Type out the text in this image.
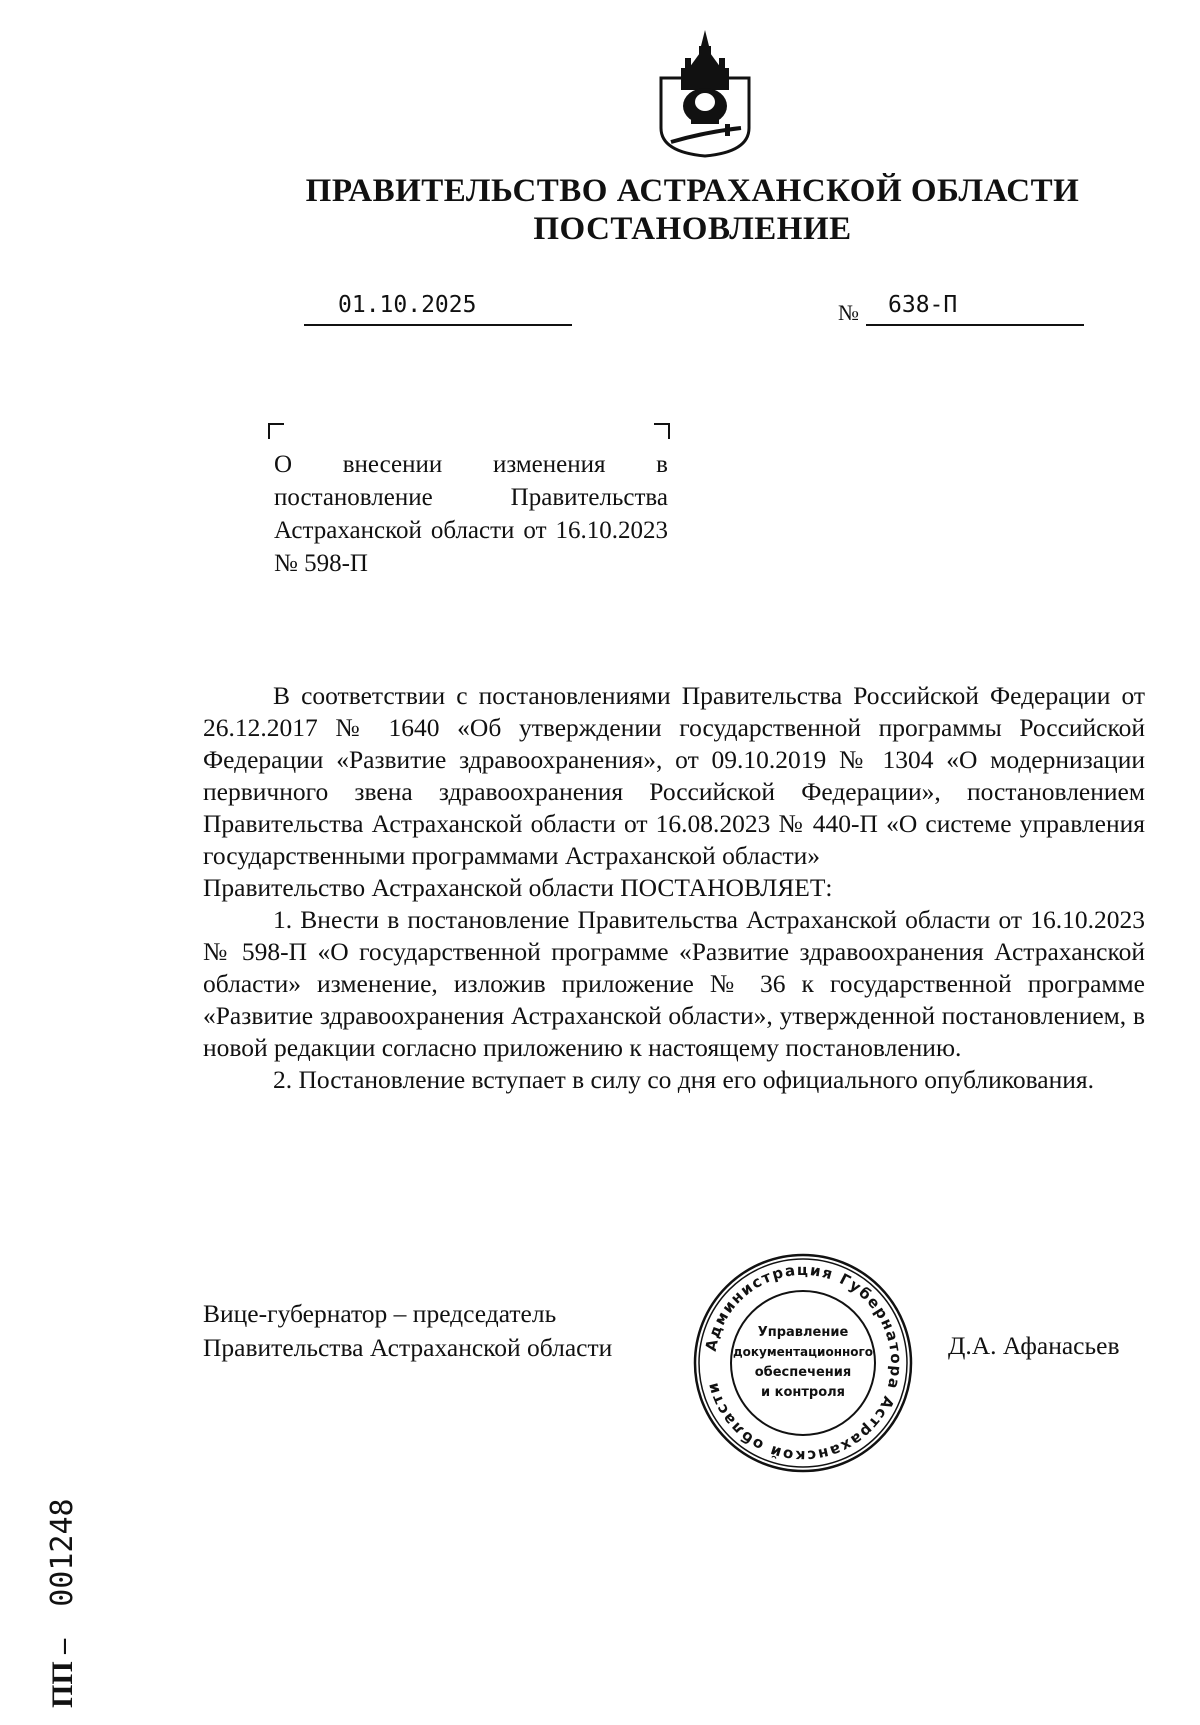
ПРАВИТЕЛЬСТВО АСТРАХАНСКОЙ ОБЛАСТИ
ПОСТАНОВЛЕНИЕ
01.10.2025	№ 638-П
О внесении изменения в постановление Правительства Астраханской области от 16.10.2023 № 598-П

В соответствии с постановлениями Правительства Российской Федерации от 26.12.2017 № 1640 «Об утверждении государственной программы Российской Федерации «Развитие здравоохранения», от 09.10.2019 № 1304 «О модернизации первичного звена здравоохранения Российской Федерации», постановлением Правительства Астраханской области от 16.08.2023 № 440-П «О системе управления государственными программами Астраханской области»

Правительство Астраханской области ПОСТАНОВЛЯЕТ:

1. Внести в постановление Правительства Астраханской области от 16.10.2023 № 598-П «О государственной программе «Развитие здравоохранения Астраханской области» изменение, изложив приложение № 36 к государственной программе «Развитие здравоохранения Астраханской области», утвержденной постановлением, в новой редакции согласно приложению к настоящему постановлению.

2. Постановление вступает в силу со дня его официального опубликования.

Вице-губернатор – председатель
Правительства Астраханской области	Д.А. Афанасьев
Администрация Губернатора Астраханской области
Управление
документационного
обеспечения
и контроля
ПП – 001248
